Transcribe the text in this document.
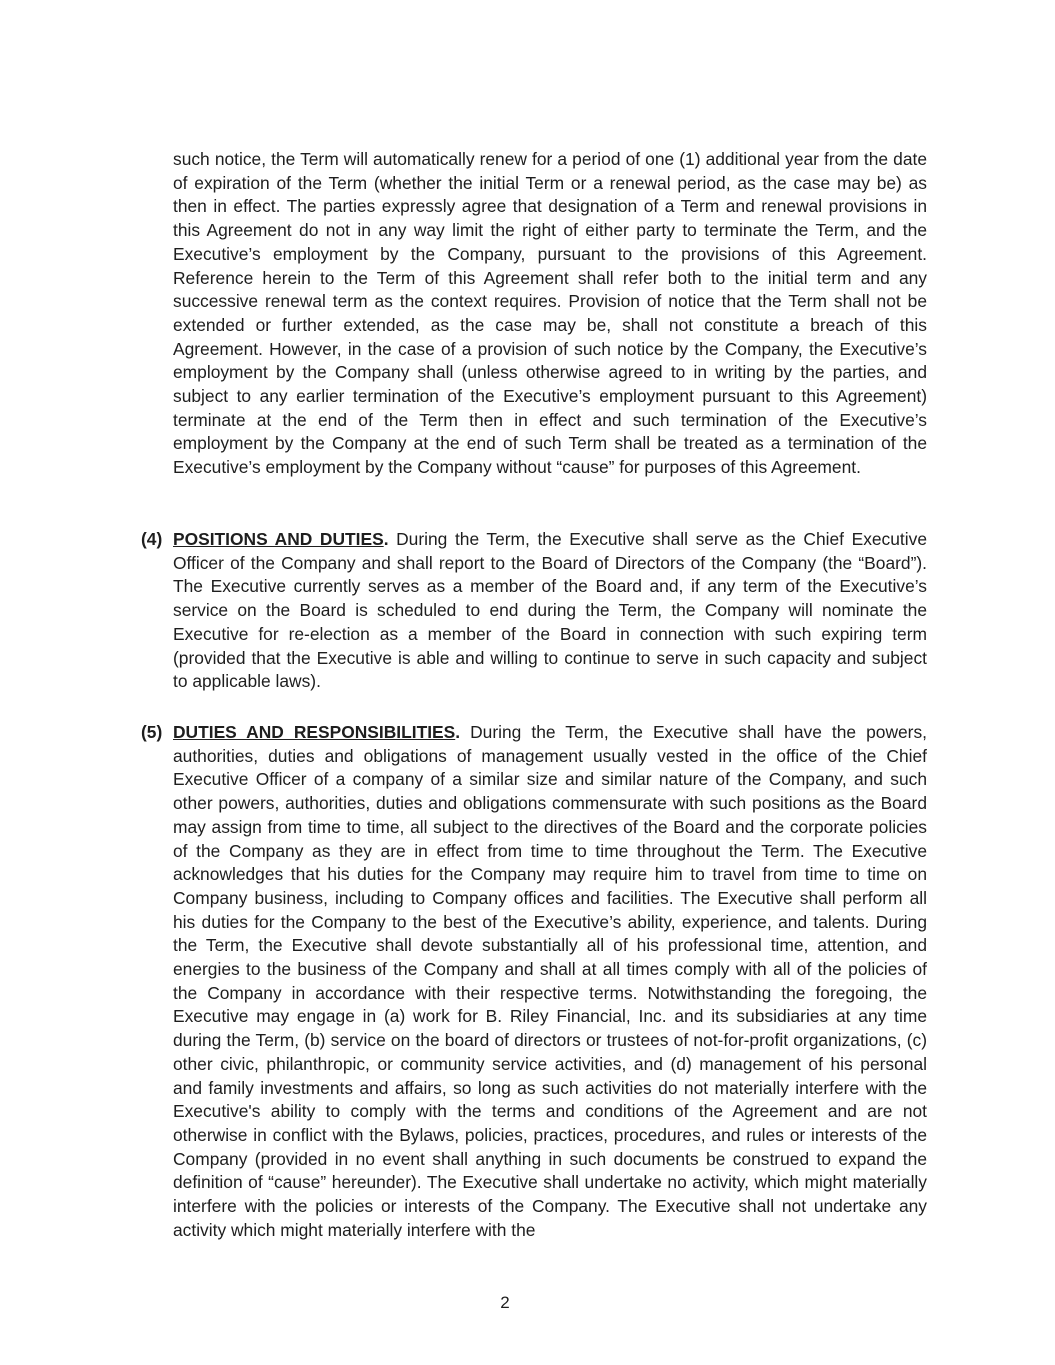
such notice, the Term will automatically renew for a period of one (1) additional year from the date of expiration of the Term (whether the initial Term or a renewal period, as the case may be) as then in effect. The parties expressly agree that designation of a Term and renewal provisions in this Agreement do not in any way limit the right of either party to terminate the Term, and the Executive’s employment by the Company, pursuant to the provisions of this Agreement. Reference herein to the Term of this Agreement shall refer both to the initial term and any successive renewal term as the context requires. Provision of notice that the Term shall not be extended or further extended, as the case may be, shall not constitute a breach of this Agreement. However, in the case of a provision of such notice by the Company, the Executive’s employment by the Company shall (unless otherwise agreed to in writing by the parties, and subject to any earlier termination of the Executive’s employment pursuant to this Agreement) terminate at the end of the Term then in effect and such termination of the Executive’s employment by the Company at the end of such Term shall be treated as a termination of the Executive’s employment by the Company without “cause” for purposes of this Agreement.

(4) POSITIONS AND DUTIES. During the Term, the Executive shall serve as the Chief Executive Officer of the Company and shall report to the Board of Directors of the Company (the “Board”). The Executive currently serves as a member of the Board and, if any term of the Executive’s service on the Board is scheduled to end during the Term, the Company will nominate the Executive for re-election as a member of the Board in connection with such expiring term (provided that the Executive is able and willing to continue to serve in such capacity and subject to applicable laws).

(5) DUTIES AND RESPONSIBILITIES. During the Term, the Executive shall have the powers, authorities, duties and obligations of management usually vested in the office of the Chief Executive Officer of a company of a similar size and similar nature of the Company, and such other powers, authorities, duties and obligations commensurate with such positions as the Board may assign from time to time, all subject to the directives of the Board and the corporate policies of the Company as they are in effect from time to time throughout the Term. The Executive acknowledges that his duties for the Company may require him to travel from time to time on Company business, including to Company offices and facilities. The Executive shall perform all his duties for the Company to the best of the Executive’s ability, experience, and talents. During the Term, the Executive shall devote substantially all of his professional time, attention, and energies to the business of the Company and shall at all times comply with all of the policies of the Company in accordance with their respective terms. Notwithstanding the foregoing, the Executive may engage in (a) work for B. Riley Financial, Inc. and its subsidiaries at any time during the Term, (b) service on the board of directors or trustees of not-for-profit organizations, (c) other civic, philanthropic, or community service activities, and (d) management of his personal and family investments and affairs, so long as such activities do not materially interfere with the Executive's ability to comply with the terms and conditions of the Agreement and are not otherwise in conflict with the Bylaws, policies, practices, procedures, and rules or interests of the Company (provided in no event shall anything in such documents be construed to expand the definition of “cause” hereunder). The Executive shall undertake no activity, which might materially interfere with the policies or interests of the Company. The Executive shall not undertake any activity which might materially interfere with the

2
